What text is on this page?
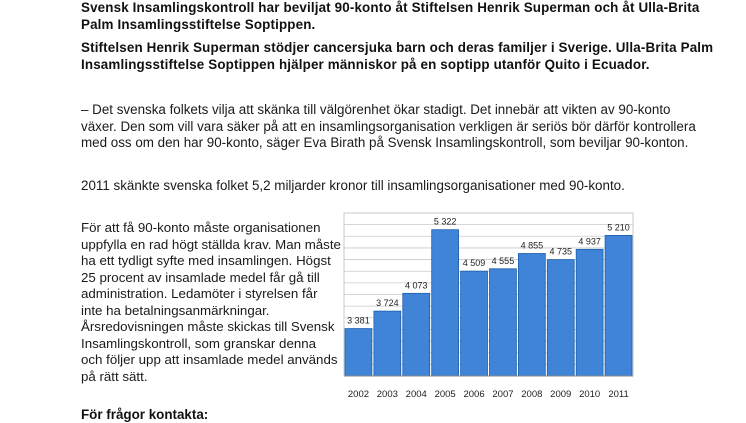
Svensk Insamlingskontroll har beviljat 90-konto åt Stiftelsen Henrik Superman och åt Ulla-Brita Palm Insamlingsstiftelse Soptippen.

Stiftelsen Henrik Superman stödjer cancersjuka barn och deras familjer i Sverige. Ulla-Brita Palm Insamlingsstiftelse Soptippen hjälper människor på en soptipp utanför Quito i Ecuador.

– Det svenska folkets vilja att skänka till välgörenhet ökar stadigt. Det innebär att vikten av 90-konto växer. Den som vill vara säker på att en insamlingsorganisation verkligen är seriös bör därför kontrollera med oss om den har 90-konto, säger Eva Birath på Svensk Insamlingskontroll, som beviljar 90-konton.

2011 skänkte svenska folket 5,2 miljarder kronor till insamlingsorganisationer med 90-konto.

För att få 90-konto måste organisationen uppfylla en rad högt ställda krav. Man måste ha ett tydligt syfte med insamlingen. Högst 25 procent av insamlade medel får gå till administration. Ledamöter i styrelsen får inte ha betalningsanmärkningar. Årsredovisningen måste skickas till Svensk Insamlingskontroll, som granskar denna och följer upp att insamlade medel används på rätt sätt.

För frågor kontakta:

3 381
2002
3 724
2003
4 073
2004
5 322
2005
4 509
2006
4 555
2007
4 855
2008
4 735
2009
4 937
2010
5 210
2011
